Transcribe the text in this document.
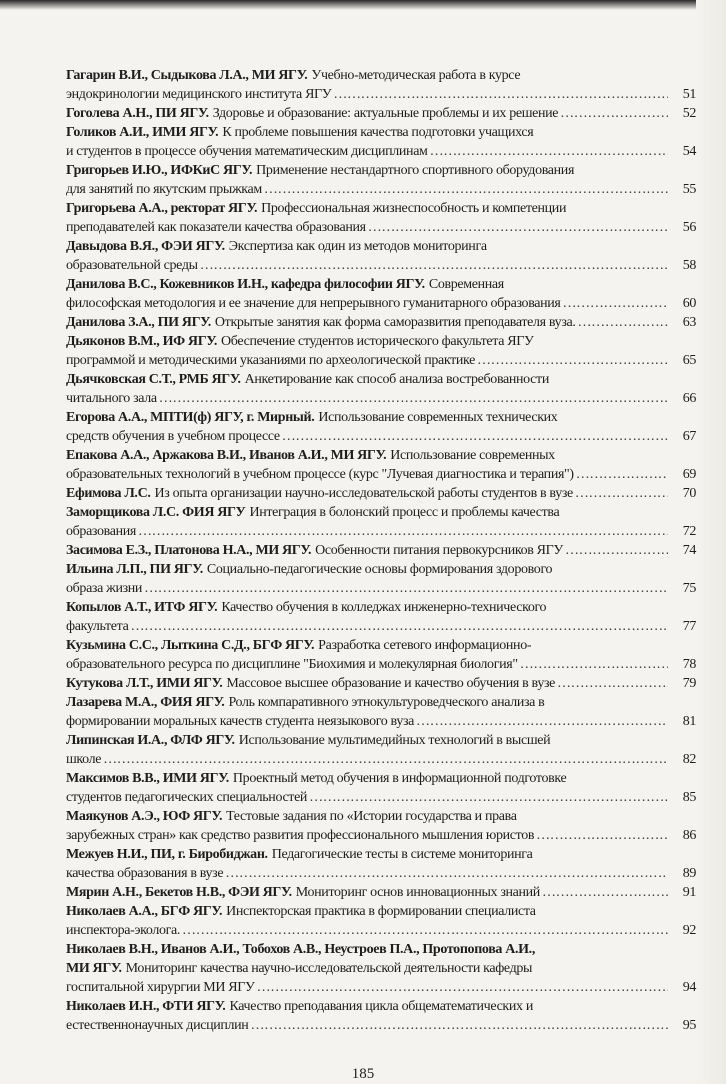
Гагарин В.И., Сыдыкова Л.А., МИ ЯГУ. Учебно-методическая работа в курсе
эндокринологии медицинского института ЯГУ ……………………………………………………………………………………………………………………………………………………………………………	51
Гоголева А.Н., ПИ ЯГУ. Здоровье и образование: актуальные проблемы и их решение ……………………………………………………………………………………………………………………………………………………………………………	52
Голиков А.И., ИМИ ЯГУ. К проблеме повышения качества подготовки учащихся
и студентов в процессе обучения математическим дисциплинам ……………………………………………………………………………………………………………………………………………………………………………	54
Григорьев И.Ю., ИФКиС ЯГУ. Применение нестандартного спортивного оборудования
для занятий по якутским прыжкам ……………………………………………………………………………………………………………………………………………………………………………	55
Григорьева А.А., ректорат ЯГУ. Профессиональная жизнеспособность и компетенции
преподавателей как показатели качества образования ……………………………………………………………………………………………………………………………………………………………………………	56
Давыдова В.Я., ФЭИ ЯГУ. Экспертиза как один из методов мониторинга
образовательной среды ……………………………………………………………………………………………………………………………………………………………………………	58
Данилова В.С., Кожевников И.Н., кафедра философии ЯГУ. Современная
философская методология и ее значение для непрерывного гуманитарного образования ……………………………………………………………………………………………………………………………………………………………………………	60
Данилова З.А., ПИ ЯГУ. Открытые занятия как форма саморазвития преподавателя вуза. ……………………………………………………………………………………………………………………………………………………………………………	63
Дьяконов В.М., ИФ ЯГУ. Обеспечение студентов исторического факультета ЯГУ
программой и методическими указаниями по археологической практике ……………………………………………………………………………………………………………………………………………………………………………	65
Дьячковская С.Т., РМБ ЯГУ. Анкетирование как способ анализа востребованности
читального зала ……………………………………………………………………………………………………………………………………………………………………………	66
Егорова А.А., МПТИ(ф) ЯГУ, г. Мирный. Использование современных технических
средств обучения в учебном процессе ……………………………………………………………………………………………………………………………………………………………………………	67
Епакова А.А., Аржакова В.И., Иванов А.И., МИ ЯГУ. Использование современных
образовательных технологий в учебном процессе (курс "Лучевая диагностика и терапия") ……………………………………………………………………………………………………………………………………………………………………………	69
Ефимова Л.С. Из опыта организации научно-исследовательской работы студентов в вузе ……………………………………………………………………………………………………………………………………………………………………………	70
Заморщикова Л.С. ФИЯ ЯГУ Интеграция в болонский процесс и проблемы качества
образования ……………………………………………………………………………………………………………………………………………………………………………	72
Засимова Е.З., Платонова Н.А., МИ ЯГУ. Особенности питания первокурсников ЯГУ ……………………………………………………………………………………………………………………………………………………………………………	74
Ильина Л.П., ПИ ЯГУ. Социально-педагогические основы формирования здорового
образа жизни ……………………………………………………………………………………………………………………………………………………………………………	75
Копылов А.Т., ИТФ ЯГУ. Качество обучения в колледжах инженерно-технического
факультета ……………………………………………………………………………………………………………………………………………………………………………	77
Кузьмина С.С., Лыткина С.Д., БГФ ЯГУ. Разработка сетевого информационно-
образовательного ресурса по дисциплине "Биохимия и молекулярная биология" ……………………………………………………………………………………………………………………………………………………………………………	78
Кутукова Л.Т., ИМИ ЯГУ. Массовое высшее образование и качество обучения в вузе ……………………………………………………………………………………………………………………………………………………………………………	79
Лазарева М.А., ФИЯ ЯГУ. Роль компаративного этнокультуроведческого анализа в
формировании моральных качеств студента неязыкового вуза ……………………………………………………………………………………………………………………………………………………………………………	81
Липинская И.А., ФЛФ ЯГУ. Использование мультимедийных технологий в высшей
школе ……………………………………………………………………………………………………………………………………………………………………………	82
Максимов В.В., ИМИ ЯГУ. Проектный метод обучения в информационной подготовке
студентов педагогических специальностей ……………………………………………………………………………………………………………………………………………………………………………	85
Маякунов А.Э., ЮФ ЯГУ. Тестовые задания по «Истории государства и права
зарубежных стран» как средство развития профессионального мышления юристов ……………………………………………………………………………………………………………………………………………………………………………	86
Межуев Н.И., ПИ, г. Биробиджан. Педагогические тесты в системе мониторинга
качества образования в вузе ……………………………………………………………………………………………………………………………………………………………………………	89
Мярин А.Н., Бекетов Н.В., ФЭИ ЯГУ. Мониторинг основ инновационных знаний ……………………………………………………………………………………………………………………………………………………………………………	91
Николаев А.А., БГФ ЯГУ. Инспекторская практика в формировании специалиста
инспектора-эколога. ……………………………………………………………………………………………………………………………………………………………………………	92
Николаев В.Н., Иванов А.И., Тобохов А.В., Неустроев П.А., Протопопова А.И.,
МИ ЯГУ. Мониторинг качества научно-исследовательской деятельности кафедры
госпитальной хирургии МИ ЯГУ ……………………………………………………………………………………………………………………………………………………………………………	94
Николаев И.Н., ФТИ ЯГУ. Качество преподавания цикла общематематических и
естественнонаучных дисциплин ……………………………………………………………………………………………………………………………………………………………………………	95
185
